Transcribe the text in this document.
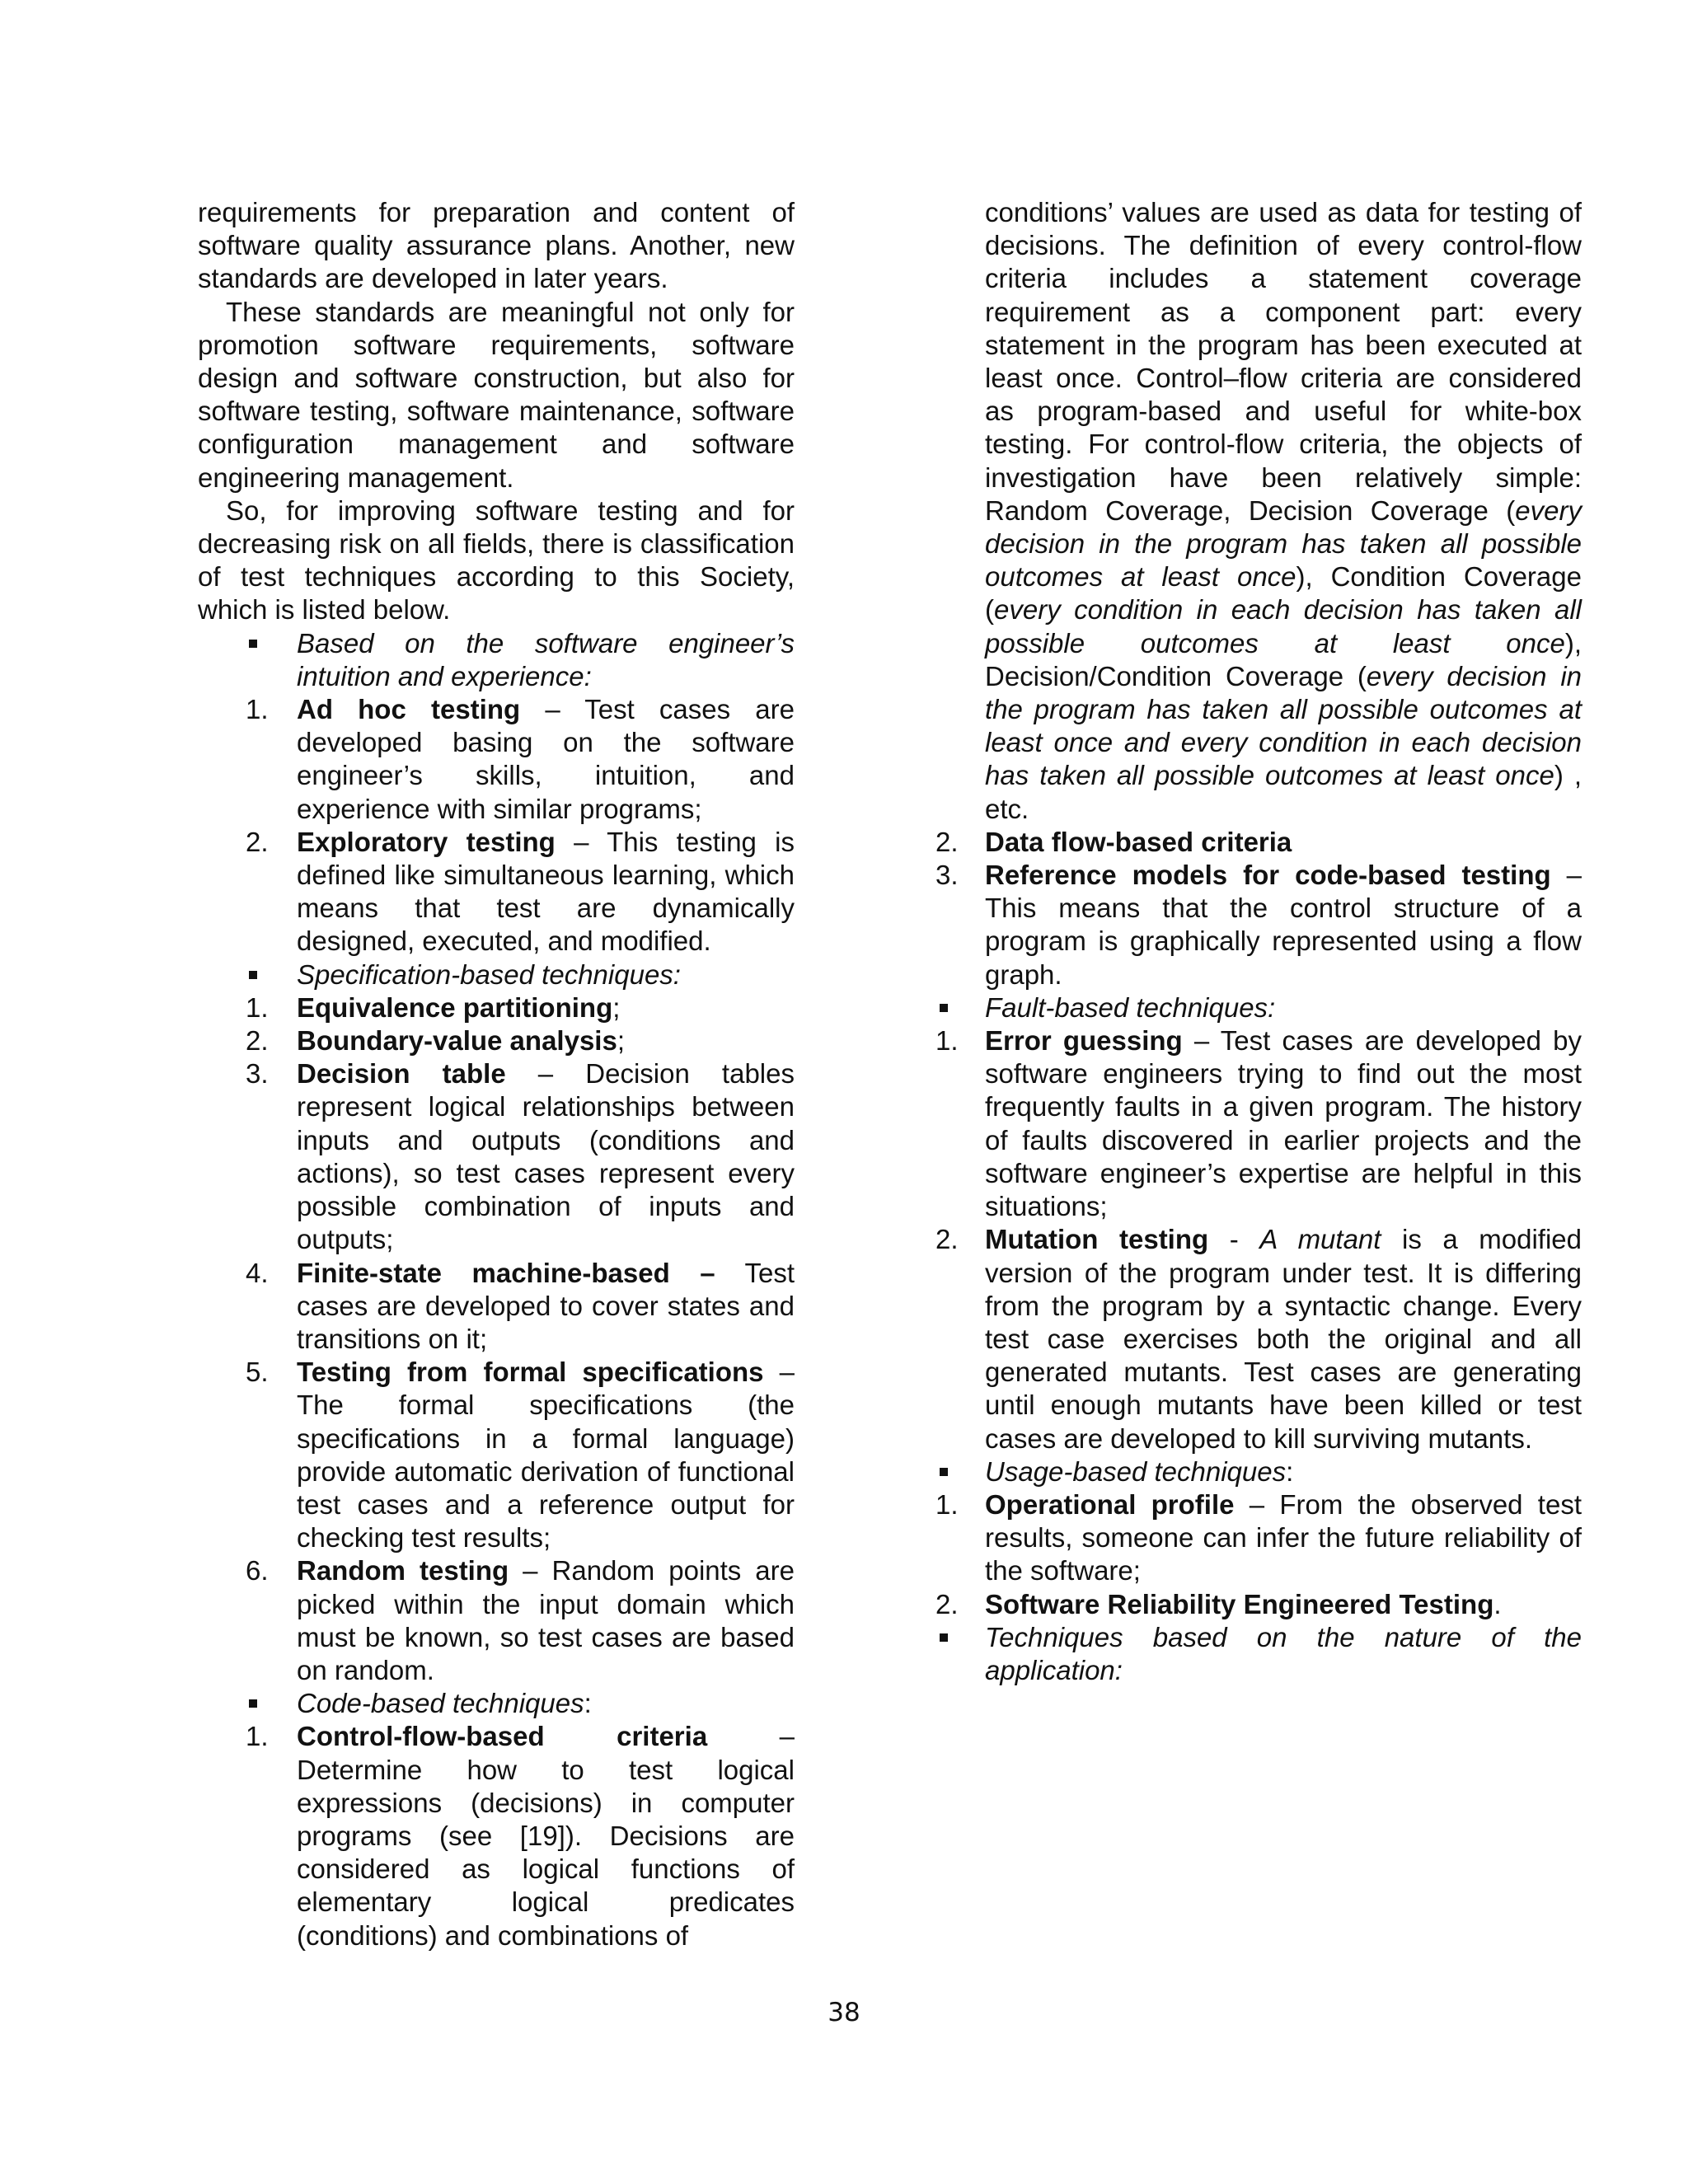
requirements for preparation and content of software quality assurance plans. Another, new standards are developed in later years.

These standards are meaningful not only for promotion software requirements, software design and software construction, but also for software testing, software maintenance, software configuration management and software engineering management.

So, for improving software testing and for decreasing risk on all fields, there is classification of test techniques according to this Society, which is listed below.

Based on the software engineer’s intuition and experience:
1. Ad hoc testing – Test cases are developed basing on the software engineer’s skills, intuition, and experience with similar programs;
2. Exploratory testing – This testing is defined like simultaneous learning, which means that test are dynamically designed, executed, and modified.
Specification-based techniques:
1. Equivalence partitioning;
2. Boundary-value analysis;
3. Decision table – Decision tables represent logical relationships between inputs and outputs (conditions and actions), so test cases represent every possible combination of inputs and outputs;
4. Finite-state machine-based – Test cases are developed to cover states and transitions on it;
5. Testing from formal specifications – The formal specifications (the specifications in a formal language) provide automatic derivation of functional test cases and a reference output for checking test results;
6. Random testing – Random points are picked within the input domain which must be known, so test cases are based on random.
Code-based techniques:
1. Control-flow-based criteria – Determine how to test logical expressions (decisions) in computer programs (see [19]). Decisions are considered as logical functions of elementary logical predicates (conditions) and combinations of

conditions’ values are used as data for testing of decisions. The definition of every control-flow criteria includes a statement coverage requirement as a component part: every statement in the program has been executed at least once. Control–flow criteria are considered as program-based and useful for white-box testing. For control-flow criteria, the objects of investigation have been relatively simple: Random Coverage, Decision Coverage (every decision in the program has taken all possible outcomes at least once), Condition Coverage (every condition in each decision has taken all possible outcomes at least once), Decision/Condition Coverage (every decision in the program has taken all possible outcomes at least once and every condition in each decision has taken all possible outcomes at least once) , etc.

2. Data flow-based criteria
3. Reference models for code-based testing – This means that the control structure of a program is graphically represented using a flow graph.
Fault-based techniques:
1. Error guessing – Test cases are developed by software engineers trying to find out the most frequently faults in a given program. The history of faults discovered in earlier projects and the software engineer’s expertise are helpful in this situations;
2. Mutation testing - A mutant is a modified version of the program under test. It is differing from the program by a syntactic change. Every test case exercises both the original and all generated mutants. Test cases are generating until enough mutants have been killed or test cases are developed to kill surviving mutants.
Usage-based techniques:
1. Operational profile – From the observed test results, someone can infer the future reliability of the software;
2. Software Reliability Engineered Testing.
Techniques based on the nature of the application:
38
